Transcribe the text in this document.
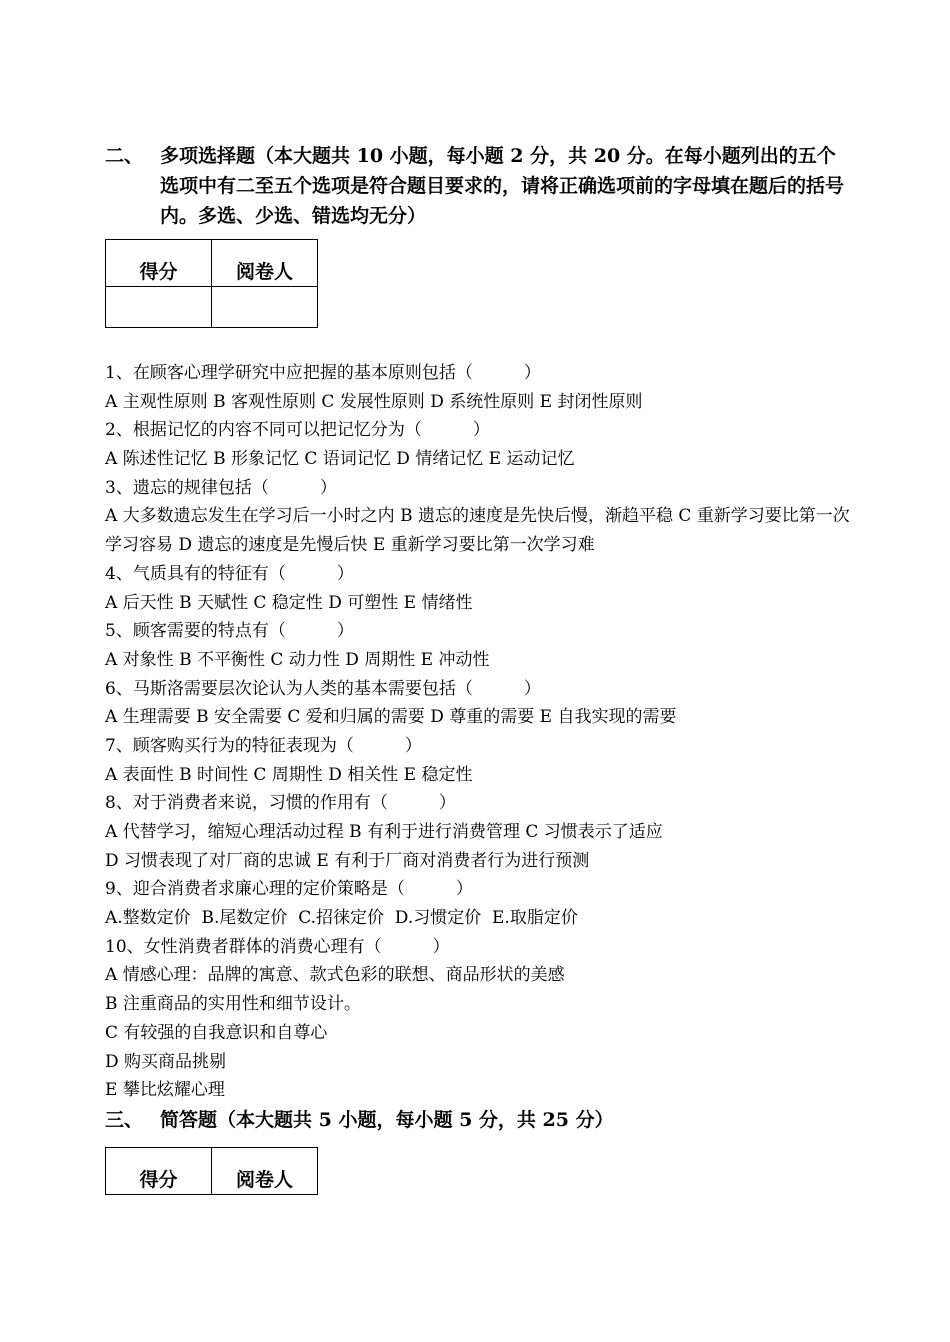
二、 多项选择题（本大题共 10 小题，每小题 2 分，共 20 分。在每小题列出的五个选项中有二至五个选项是符合题目要求的，请将正确选项前的字母填在题后的括号内。多选、少选、错选均无分）
得分	阅卷人

1、在顾客心理学研究中应把握的基本原则包括（　　　）
A 主观性原则 B 客观性原则 C 发展性原则 D 系统性原则 E 封闭性原则
2、根据记忆的内容不同可以把记忆分为（　　　）
A 陈述性记忆 B 形象记忆 C 语词记忆 D 情绪记忆 E 运动记忆
3、遗忘的规律包括（　　　）
A 大多数遗忘发生在学习后一小时之内 B 遗忘的速度是先快后慢，渐趋平稳 C 重新学习要比第一次学习容易 D 遗忘的速度是先慢后快 E 重新学习要比第一次学习难
4、气质具有的特征有（　　　）
A 后天性 B 天赋性 C 稳定性 D 可塑性 E 情绪性
5、顾客需要的特点有（　　　）
A 对象性 B 不平衡性 C 动力性 D 周期性 E 冲动性
6、马斯洛需要层次论认为人类的基本需要包括（　　　）
A 生理需要 B 安全需要 C 爱和归属的需要 D 尊重的需要 E 自我实现的需要
7、顾客购买行为的特征表现为（　　　）
A 表面性 B 时间性 C 周期性 D 相关性 E 稳定性
8、对于消费者来说，习惯的作用有（　　　）
A 代替学习，缩短心理活动过程 B 有利于进行消费管理 C 习惯表示了适应
D 习惯表现了对厂商的忠诚 E 有利于厂商对消费者行为进行预测
9、迎合消费者求廉心理的定价策略是（　　　）
A.整数定价  B.尾数定价  C.招徕定价  D.习惯定价  E.取脂定价
10、女性消费者群体的消费心理有（　　　）
A 情感心理：品牌的寓意、款式色彩的联想、商品形状的美感
B 注重商品的实用性和细节设计。
C 有较强的自我意识和自尊心
D 购买商品挑剔
E 攀比炫耀心理
三、 简答题（本大题共 5 小题，每小题 5 分，共 25 分）
得分	阅卷人
